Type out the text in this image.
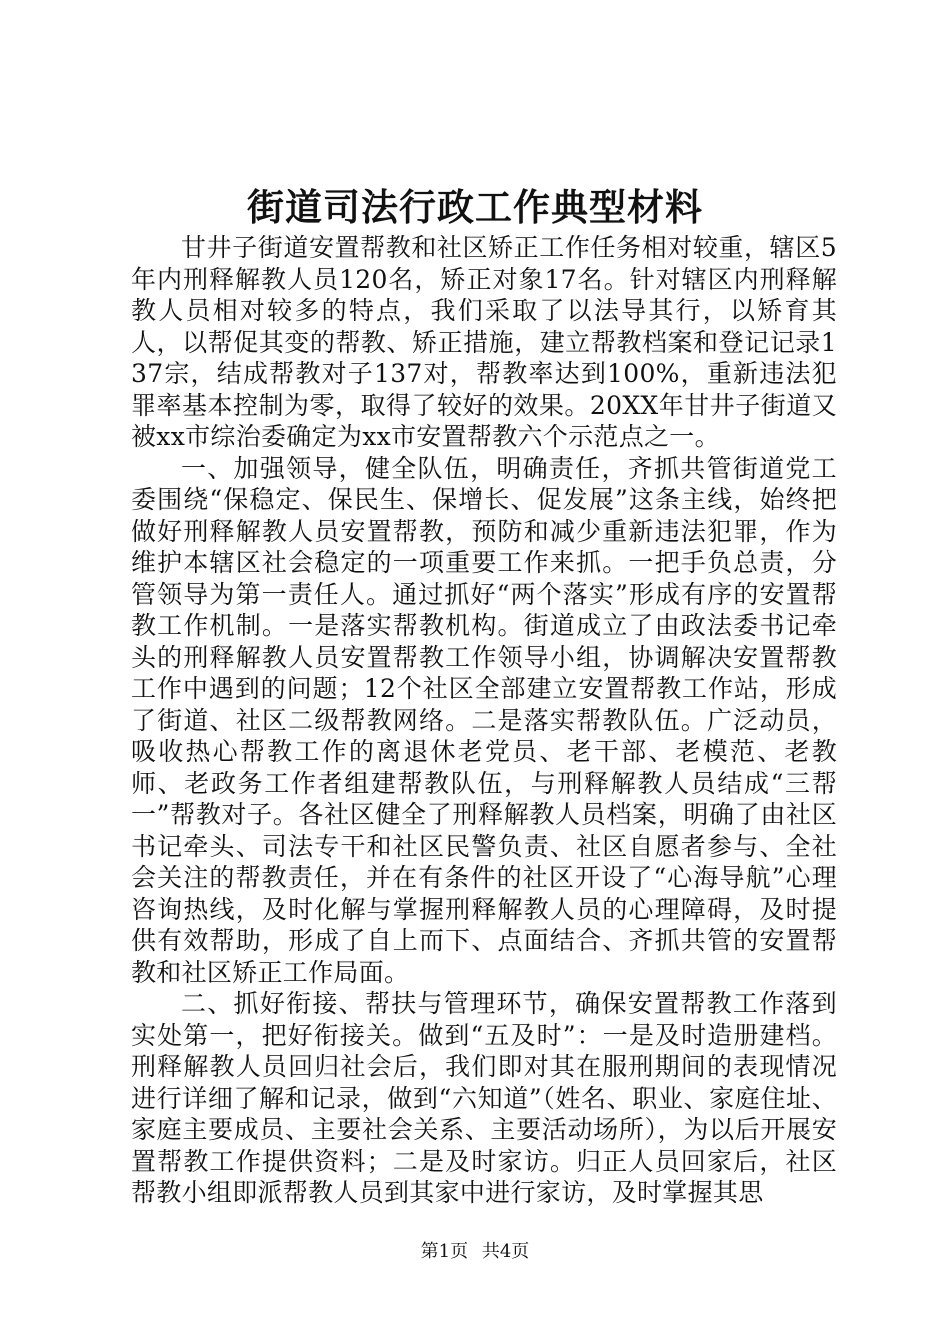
街道司法行政工作典型材料

甘井子街道安置帮教和社区矫正工作任务相对较重，辖区5年内刑释解教人员120名，矫正对象17名。针对辖区内刑释解教人员相对较多的特点，我们采取了以法导其行，以矫育其人，以帮促其变的帮教、矫正措施，建立帮教档案和登记记录137宗，结成帮教对子137对，帮教率达到100%，重新违法犯罪率基本控制为零，取得了较好的效果。20XX年甘井子街道又被xx市综治委确定为xx市安置帮教六个示范点之一。

一、加强领导，健全队伍，明确责任，齐抓共管街道党工委围绕“保稳定、保民生、保增长、促发展”这条主线，始终把做好刑释解教人员安置帮教，预防和减少重新违法犯罪，作为维护本辖区社会稳定的一项重要工作来抓。一把手负总责，分管领导为第一责任人。通过抓好“两个落实”形成有序的安置帮教工作机制。一是落实帮教机构。街道成立了由政法委书记牵头的刑释解教人员安置帮教工作领导小组，协调解决安置帮教工作中遇到的问题；12个社区全部建立安置帮教工作站，形成了街道、社区二级帮教网络。二是落实帮教队伍。广泛动员，吸收热心帮教工作的离退休老党员、老干部、老模范、老教师、老政务工作者组建帮教队伍，与刑释解教人员结成“三帮一”帮教对子。各社区健全了刑释解教人员档案，明确了由社区书记牵头、司法专干和社区民警负责、社区自愿者参与、全社会关注的帮教责任，并在有条件的社区开设了“心海导航”心理咨询热线，及时化解与掌握刑释解教人员的心理障碍，及时提供有效帮助，形成了自上而下、点面结合、齐抓共管的安置帮教和社区矫正工作局面。

二、抓好衔接、帮扶与管理环节，确保安置帮教工作落到实处第一，把好衔接关。做到“五及时”：一是及时造册建档。刑释解教人员回归社会后，我们即对其在服刑期间的表现情况进行详细了解和记录，做到“六知道”（姓名、职业、家庭住址、家庭主要成员、主要社会关系、主要活动场所），为以后开展安置帮教工作提供资料；二是及时家访。归正人员回家后，社区帮教小组即派帮教人员到其家中进行家访，及时掌握其思

第1页 共4页
